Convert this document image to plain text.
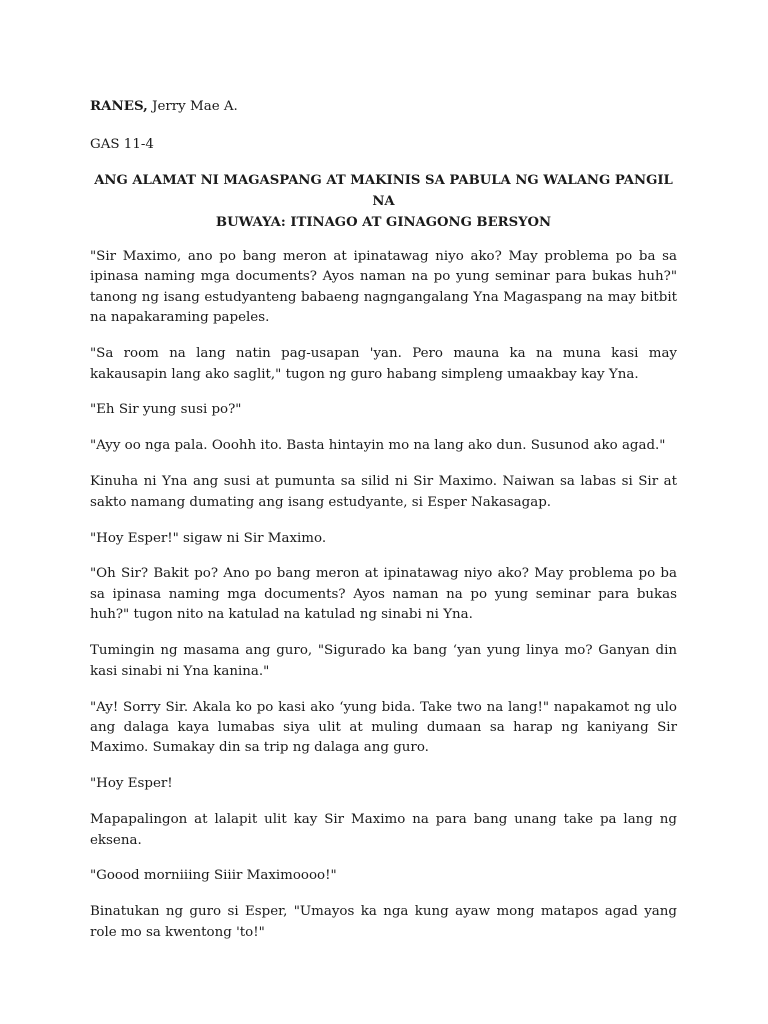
RANES, Jerry Mae A.
GAS 11-4
ANG ALAMAT NI MAGASPANG AT MAKINIS SA PABULA NG WALANG PANGIL NA
BUWAYA: ITINAGO AT GINAGONG BERSYON

"Sir Maximo, ano po bang meron at ipinatawag niyo ako? May problema po ba sa ipinasa naming mga documents? Ayos naman na po yung seminar para bukas huh?" tanong ng isang estudyanteng babaeng nagngangalang Yna Magaspang na may bitbit na napakaraming papeles.

"Sa room na lang natin pag-usapan 'yan. Pero mauna ka na muna kasi may kakausapin lang ako saglit," tugon ng guro habang simpleng umaakbay kay Yna.

"Eh Sir yung susi po?"

"Ayy oo nga pala. Ooohh ito. Basta hintayin mo na lang ako dun. Susunod ako agad."

Kinuha ni Yna ang susi at pumunta sa silid ni Sir Maximo. Naiwan sa labas si Sir at sakto namang dumating ang isang estudyante, si Esper Nakasagap.

"Hoy Esper!" sigaw ni Sir Maximo.

"Oh Sir? Bakit po? Ano po bang meron at ipinatawag niyo ako? May problema po ba sa ipinasa naming mga documents? Ayos naman na po yung seminar para bukas huh?" tugon nito na katulad na katulad ng sinabi ni Yna.

Tumingin ng masama ang guro, "Sigurado ka bang ‘yan yung linya mo? Ganyan din kasi sinabi ni Yna kanina."

"Ay! Sorry Sir. Akala ko po kasi ako ‘yung bida. Take two na lang!" napakamot ng ulo ang dalaga kaya lumabas siya ulit at muling dumaan sa harap ng kaniyang Sir Maximo. Sumakay din sa trip ng dalaga ang guro.

"Hoy Esper!

Mapapalingon at lalapit ulit kay Sir Maximo na para bang unang take pa lang ng eksena.

"Goood morniiing Siiir Maximoooo!"

Binatukan ng guro si Esper, "Umayos ka nga kung ayaw mong matapos agad yang role mo sa kwentong 'to!"
